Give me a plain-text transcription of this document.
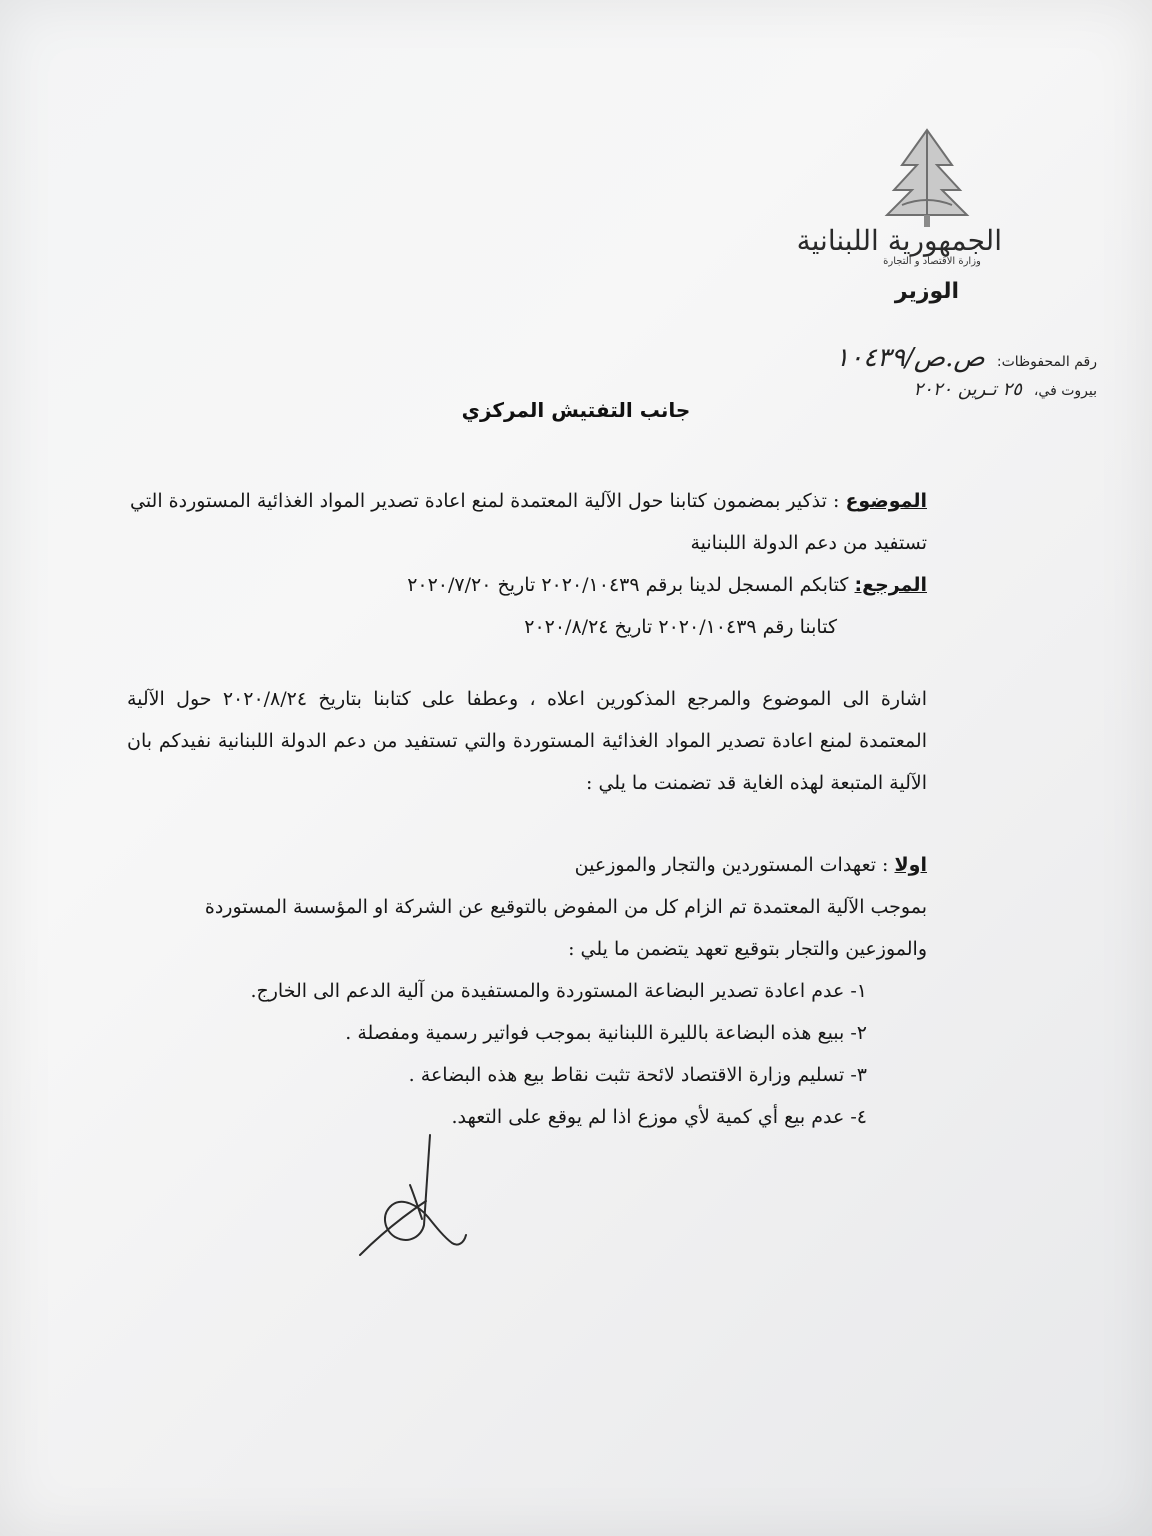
الجمهورية اللبنانية
وزارة الاقتصاد و التجارة
الوزير
رقم المحفوظات:
ص.ص/١٠٤٣٩
بيروت في،
٢٥ تـرين ٢٠٢٠
جانب التفتيش المركزي
الموضوع : تذكير بمضمون كتابنا حول الآلية المعتمدة لمنع اعادة تصدير المواد الغذائية المستوردة التي تستفيد من دعم الدولة اللبنانية
المرجع: كتابكم المسجل لدينا برقم ٢٠٢٠/١٠٤٣٩ تاريخ ٢٠٢٠/٧/٢٠
كتابنا رقم ٢٠٢٠/١٠٤٣٩ تاريخ ٢٠٢٠/٨/٢٤
اشارة الى الموضوع والمرجع المذكورين اعلاه ، وعطفا على كتابنا بتاريخ ٢٠٢٠/٨/٢٤ حول الآلية المعتمدة لمنع اعادة تصدير المواد الغذائية المستوردة والتي تستفيد من دعم الدولة اللبنانية نفيدكم بان الآلية المتبعة لهذه الغاية قد تضمنت ما يلي :
اولا : تعهدات المستوردين والتجار والموزعين
بموجب الآلية المعتمدة تم الزام كل من المفوض بالتوقيع عن الشركة او المؤسسة المستوردة والموزعين والتجار بتوقيع تعهد يتضمن ما يلي :
١- عدم اعادة تصدير البضاعة المستوردة والمستفيدة من آلية الدعم الى الخارج.
٢- ببيع هذه البضاعة بالليرة اللبنانية بموجب فواتير رسمية ومفصلة .
٣- تسليم وزارة الاقتصاد لائحة تثبت نقاط بيع هذه البضاعة .
٤- عدم بيع أي كمية لأي موزع اذا لم يوقع على التعهد.
